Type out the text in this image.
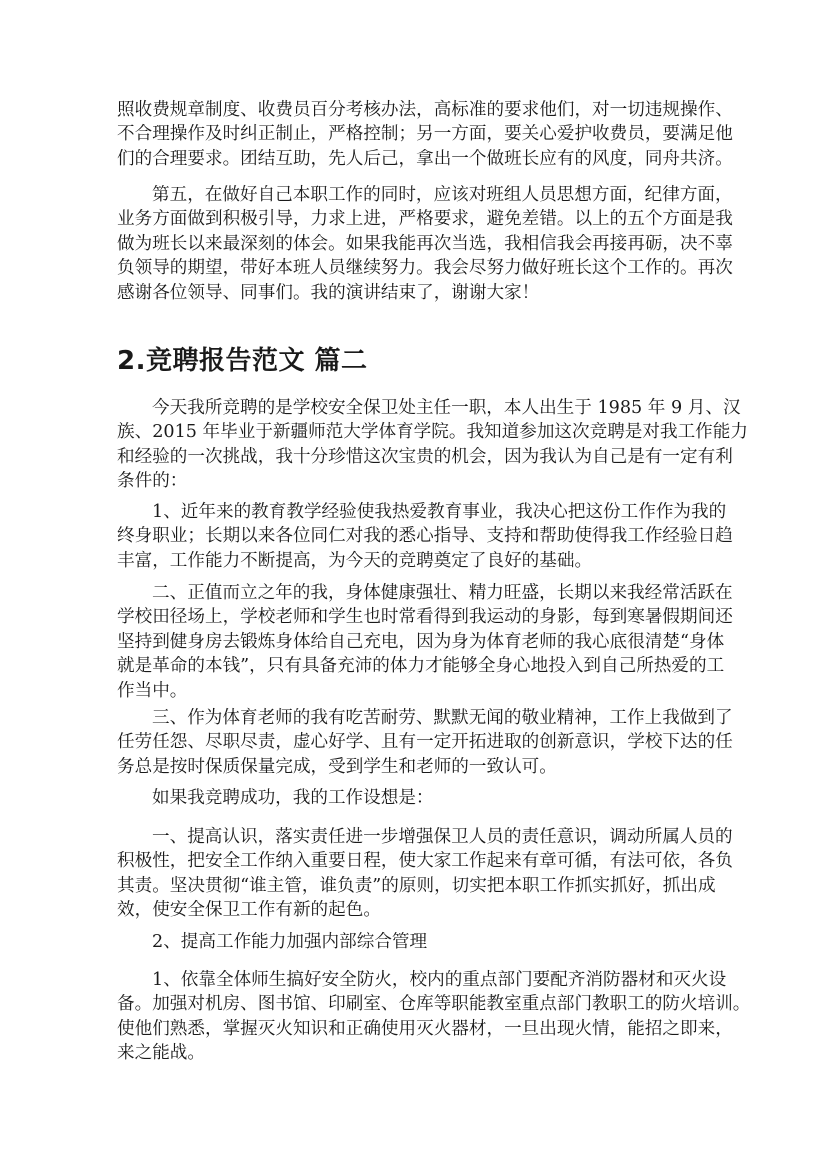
2.竞聘报告范文 篇二
照收费规章制度、收费员百分考核办法，高标准的要求他们，对一切违规操作、
不合理操作及时纠正制止，严格控制；另一方面，要关心爱护收费员，要满足他
们的合理要求。团结互助，先人后己，拿出一个做班长应有的风度，同舟共济。
第五，在做好自己本职工作的同时，应该对班组人员思想方面，纪律方面，
业务方面做到积极引导，力求上进，严格要求，避免差错。以上的五个方面是我
做为班长以来最深刻的体会。如果我能再次当选，我相信我会再接再砺，决不辜
负领导的期望，带好本班人员继续努力。我会尽努力做好班长这个工作的。再次
感谢各位领导、同事们。我的演讲结束了，谢谢大家！
今天我所竞聘的是学校安全保卫处主任一职，本人出生于 1985 年 9 月、汉
族、2015 年毕业于新疆师范大学体育学院。我知道参加这次竞聘是对我工作能力
和经验的一次挑战，我十分珍惜这次宝贵的机会，因为我认为自己是有一定有利
条件的：
1、近年来的教育教学经验使我热爱教育事业，我决心把这份工作作为我的
终身职业；长期以来各位同仁对我的悉心指导、支持和帮助使得我工作经验日趋
丰富，工作能力不断提高，为今天的竞聘奠定了良好的基础。
二、正值而立之年的我，身体健康强壮、精力旺盛，长期以来我经常活跃在
学校田径场上，学校老师和学生也时常看得到我运动的身影，每到寒暑假期间还
坚持到健身房去锻炼身体给自己充电，因为身为体育老师的我心底很清楚“身体
就是革命的本钱”，只有具备充沛的体力才能够全身心地投入到自己所热爱的工
作当中。
三、作为体育老师的我有吃苦耐劳、默默无闻的敬业精神，工作上我做到了
任劳任怨、尽职尽责，虚心好学、且有一定开拓进取的创新意识，学校下达的任
务总是按时保质保量完成，受到学生和老师的一致认可。
如果我竞聘成功，我的工作设想是：
一、提高认识，落实责任进一步增强保卫人员的责任意识，调动所属人员的
积极性，把安全工作纳入重要日程，使大家工作起来有章可循，有法可依，各负
其责。坚决贯彻“谁主管，谁负责”的原则，切实把本职工作抓实抓好，抓出成
效，使安全保卫工作有新的起色。
2、提高工作能力加强内部综合管理
1、依靠全体师生搞好安全防火，校内的重点部门要配齐消防器材和灭火设
备。加强对机房、图书馆、印刷室、仓库等职能教室重点部门教职工的防火培训。
使他们熟悉，掌握灭火知识和正确使用灭火器材，一旦出现火情，能招之即来，
来之能战。
